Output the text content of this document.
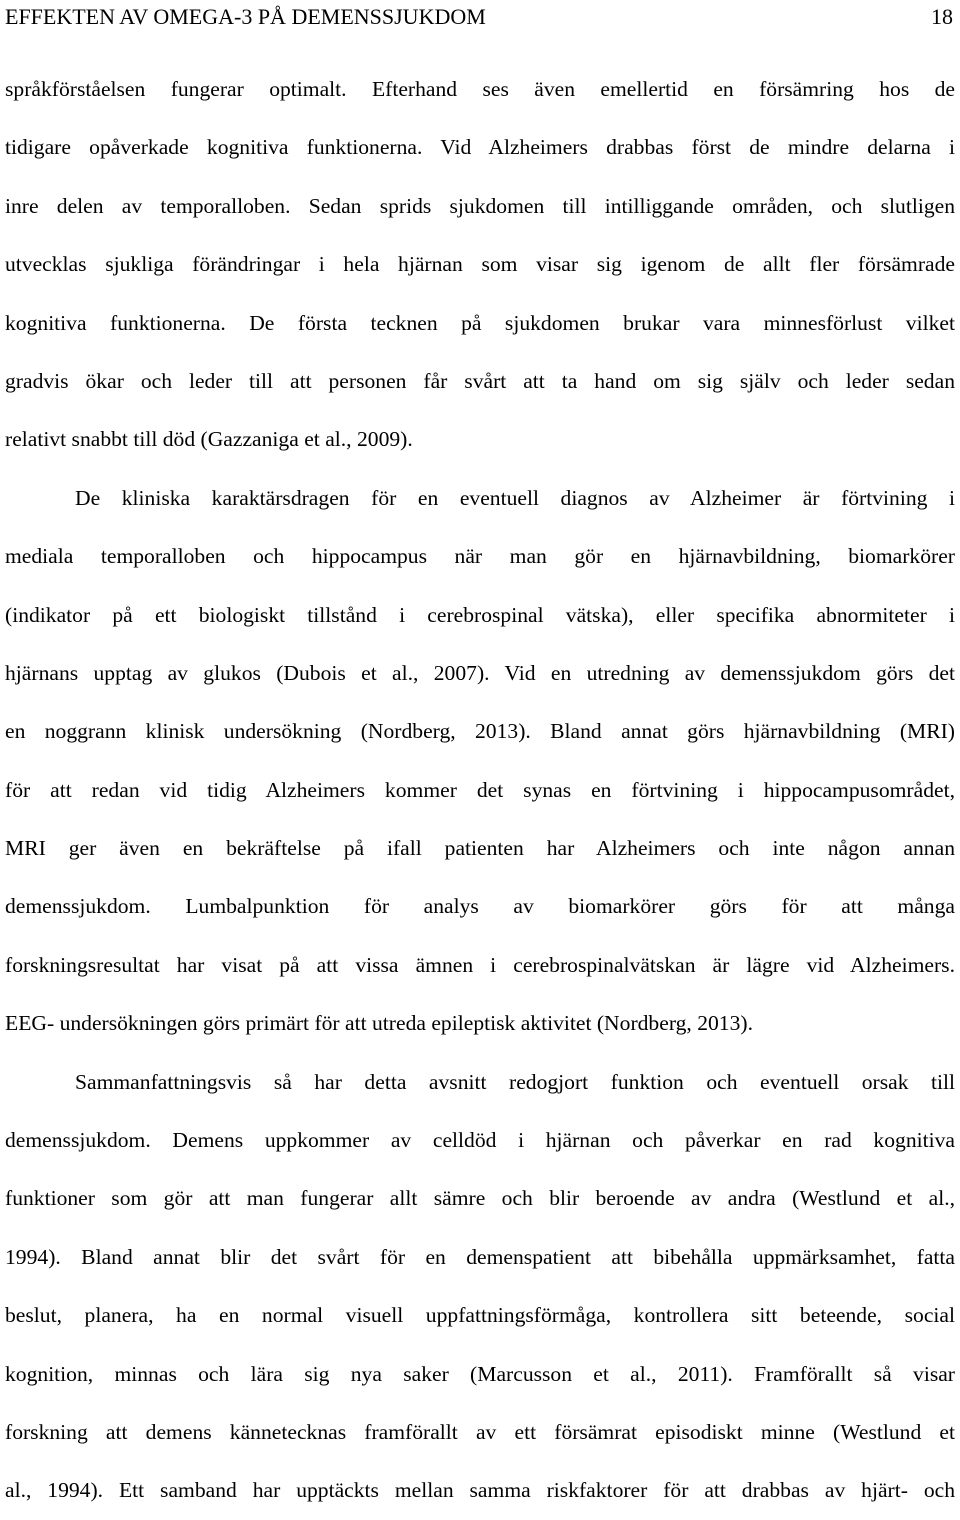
EFFEKTEN AV OMEGA-3 PÅ DEMENSSJUKDOM	18
språkförståelsen fungerar optimalt. Efterhand ses även emellertid en försämring hos de
tidigare opåverkade kognitiva funktionerna. Vid Alzheimers drabbas först de mindre delarna i
inre delen av temporalloben. Sedan sprids sjukdomen till intilliggande områden, och slutligen
utvecklas sjukliga förändringar i hela hjärnan som visar sig igenom de allt fler försämrade
kognitiva funktionerna. De första tecknen på sjukdomen brukar vara minnesförlust vilket
gradvis ökar och leder till att personen får svårt att ta hand om sig själv och leder sedan
relativt snabbt till död (Gazzaniga et al., 2009).
De kliniska karaktärsdragen för en eventuell diagnos av Alzheimer är förtvining i
mediala temporalloben och hippocampus när man gör en hjärnavbildning, biomarkörer
(indikator på ett biologiskt tillstånd i cerebrospinal vätska), eller specifika abnormiteter i
hjärnans upptag av glukos (Dubois et al., 2007). Vid en utredning av demenssjukdom görs det
en noggrann klinisk undersökning (Nordberg, 2013). Bland annat görs hjärnavbildning (MRI)
för att redan vid tidig Alzheimers kommer det synas en förtvining i hippocampusområdet,
MRI ger även en bekräftelse på ifall patienten har Alzheimers och inte någon annan
demenssjukdom. Lumbalpunktion för analys av biomarkörer görs för att många
forskningsresultat har visat på att vissa ämnen i cerebrospinalvätskan är lägre vid Alzheimers.
EEG- undersökningen görs primärt för att utreda epileptisk aktivitet (Nordberg, 2013).
Sammanfattningsvis så har detta avsnitt redogjort funktion och eventuell orsak till
demenssjukdom. Demens uppkommer av celldöd i hjärnan och påverkar en rad kognitiva
funktioner som gör att man fungerar allt sämre och blir beroende av andra (Westlund et al.,
1994). Bland annat blir det svårt för en demenspatient att bibehålla uppmärksamhet, fatta
beslut, planera, ha en normal visuell uppfattningsförmåga, kontrollera sitt beteende, social
kognition, minnas och lära sig nya saker (Marcusson et al., 2011). Framförallt så visar
forskning att demens kännetecknas framförallt av ett försämrat episodiskt minne (Westlund et
al., 1994). Ett samband har upptäckts mellan samma riskfaktorer för att drabbas av hjärt- och
